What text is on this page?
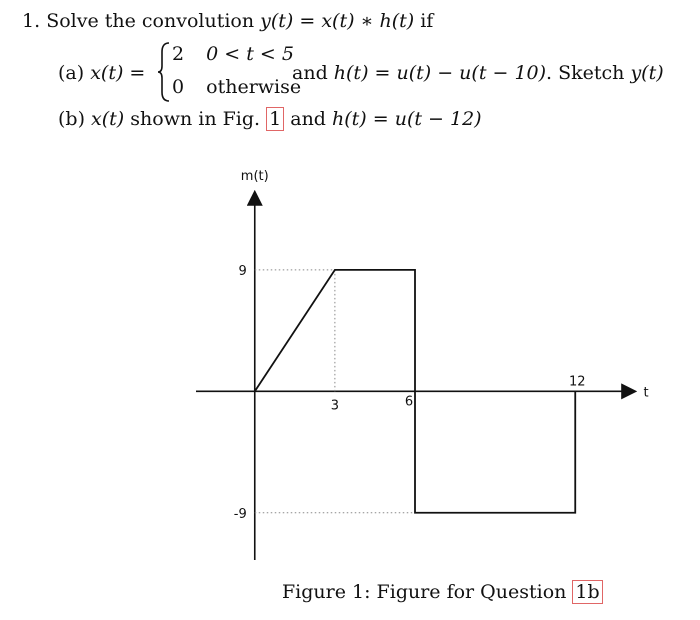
1. Solve the convolution y(t) = x(t) ∗ h(t) if
(a) x(t) =
2 0 < t < 5
0 otherwise
and h(t) = u(t) − u(t − 10). Sketch y(t)
(b) x(t) shown in Fig. 1 and h(t) = u(t − 12)
m(t)
t
9
-9
3	6
12
Figure 1: Figure for Question 1b
